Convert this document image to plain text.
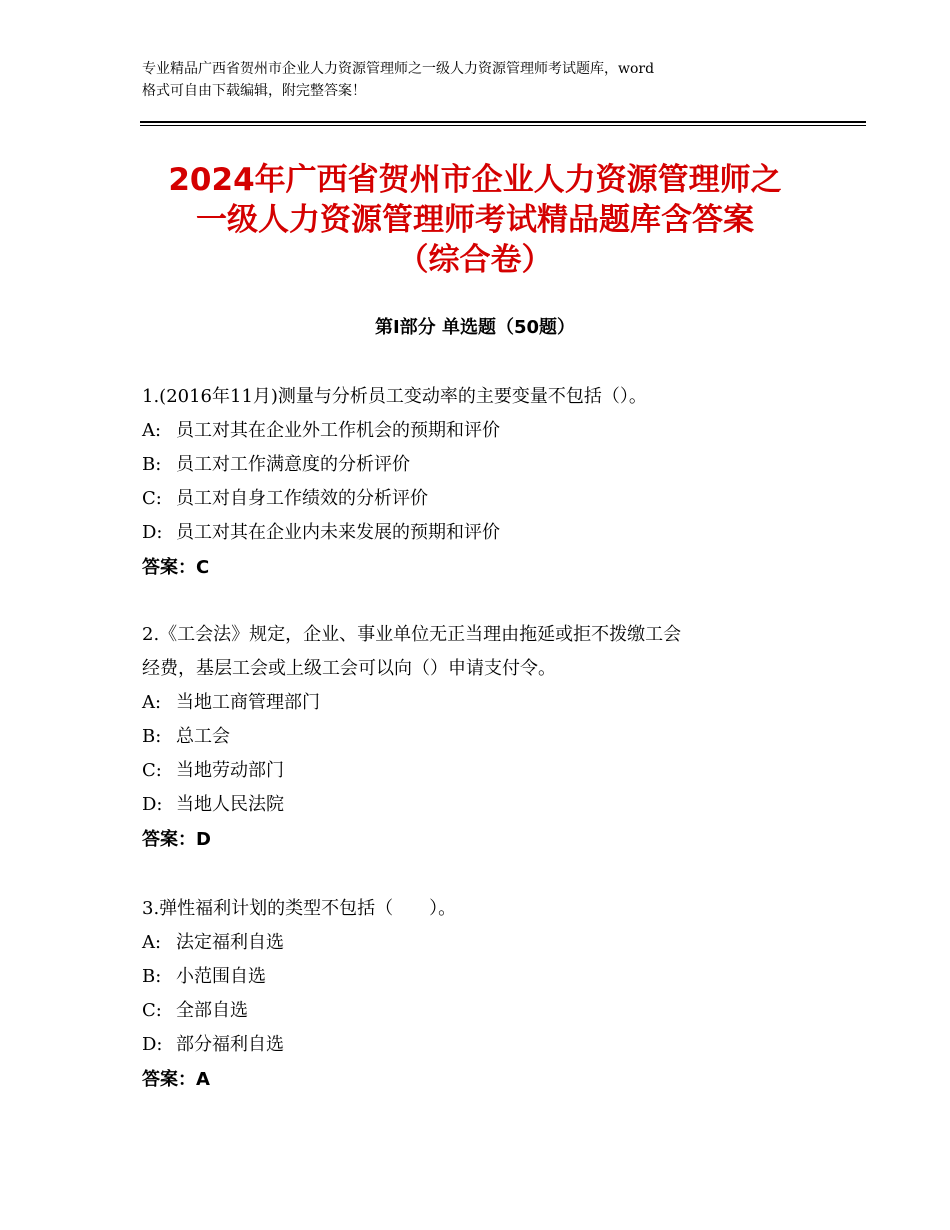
专业精品广西省贺州市企业人力资源管理师之一级人力资源管理师考试题库，word
格式可自由下载编辑，附完整答案！
2024年广西省贺州市企业人力资源管理师之
一级人力资源管理师考试精品题库含答案
（综合卷）
第Ⅰ部分 单选题（50题）
1.(2016年11月)测量与分析员工变动率的主要变量不包括（）。
A: 员工对其在企业外工作机会的预期和评价
B: 员工对工作满意度的分析评价
C: 员工对自身工作绩效的分析评价
D: 员工对其在企业内未来发展的预期和评价
答案：C
2.《工会法》规定，企业、事业单位无正当理由拖延或拒不拨缴工会
经费，基层工会或上级工会可以向（）申请支付令。
A: 当地工商管理部门
B: 总工会
C: 当地劳动部门
D: 当地人民法院
答案：D
3.弹性福利计划的类型不包括（　　）。
A: 法定福利自选
B: 小范围自选
C: 全部自选
D: 部分福利自选
答案：A
